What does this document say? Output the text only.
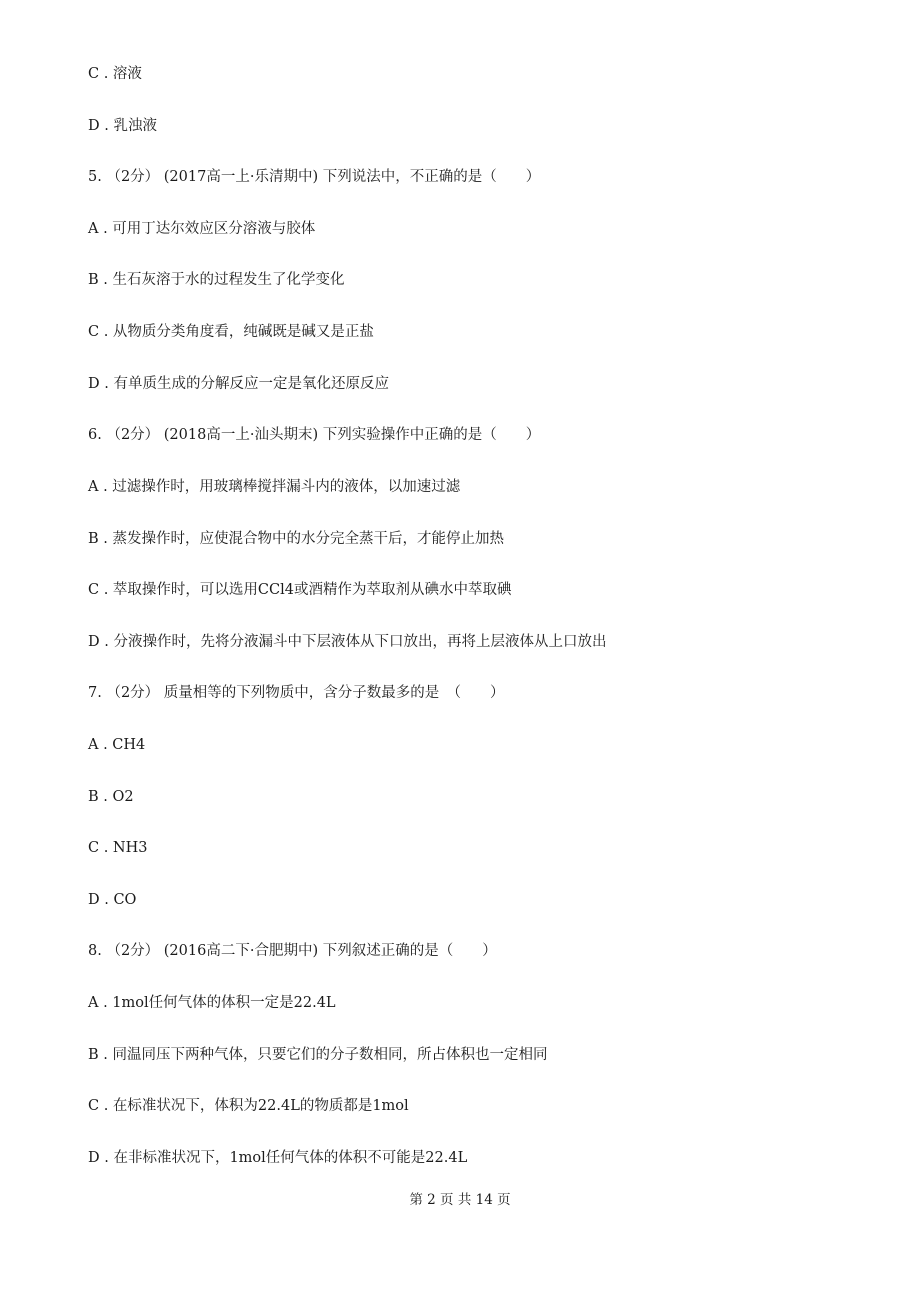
C . 溶液
D . 乳浊液
5. （2分） (2017高一上·乐清期中) 下列说法中，不正确的是（　　）
A . 可用丁达尔效应区分溶液与胶体
B . 生石灰溶于水的过程发生了化学变化
C . 从物质分类角度看，纯碱既是碱又是正盐
D . 有单质生成的分解反应一定是氧化还原反应
6. （2分） (2018高一上·汕头期末) 下列实验操作中正确的是（　　）
A . 过滤操作时，用玻璃棒搅拌漏斗内的液体，以加速过滤
B . 蒸发操作时，应使混合物中的水分完全蒸干后，才能停止加热
C . 萃取操作时，可以选用CCl4或酒精作为萃取剂从碘水中萃取碘
D . 分液操作时，先将分液漏斗中下层液体从下口放出，再将上层液体从上口放出
7. （2分） 质量相等的下列物质中，含分子数最多的是　（　　）
A . CH4
B . O2
C . NH3
D . CO
8. （2分） (2016高二下·合肥期中) 下列叙述正确的是（　　）
A . 1mol任何气体的体积一定是22.4L
B . 同温同压下两种气体，只要它们的分子数相同，所占体积也一定相同
C . 在标准状况下，体积为22.4L的物质都是1mol
D . 在非标准状况下，1mol任何气体的体积不可能是22.4L
第 2 页 共 14 页
